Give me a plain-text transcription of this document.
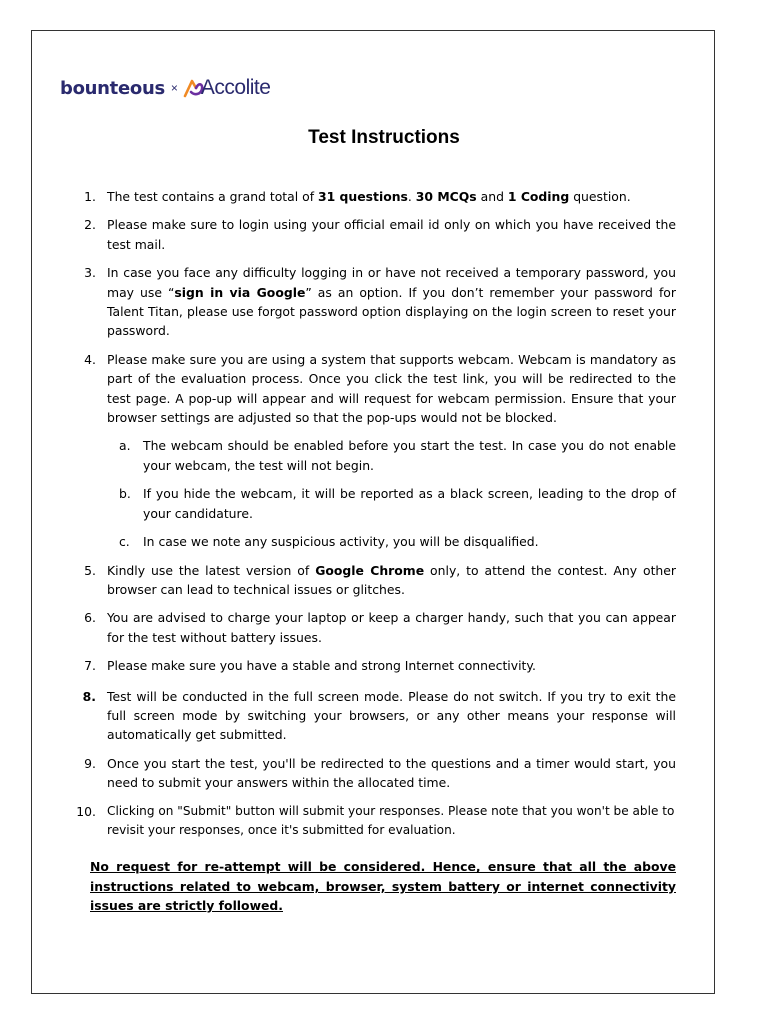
bounteous × Accolite
Test Instructions
1. The test contains a grand total of 31 questions. 30 MCQs and 1 Coding question.
2. Please make sure to login using your official email id only on which you have received the test mail.
3. In case you face any difficulty logging in or have not received a temporary password, you may use “sign in via Google” as an option. If you don’t remember your password for Talent Titan, please use forgot password option displaying on the login screen to reset your password.
4. Please make sure you are using a system that supports webcam. Webcam is mandatory as part of the evaluation process. Once you click the test link, you will be redirected to the test page. A pop-up will appear and will request for webcam permission. Ensure that your browser settings are adjusted so that the pop-ups would not be blocked.
a.	The webcam should be enabled before you start the test. In case you do not enable your webcam, the test will not begin.
b. If you hide the webcam, it will be reported as a black screen, leading to the drop of your candidature.
c.	In case we note any suspicious activity, you will be disqualified.
5. Kindly use the latest version of Google Chrome only, to attend the contest. Any other browser can lead to technical issues or glitches.
6. You are advised to charge your laptop or keep a charger handy, such that you can appear for the test without battery issues.
7. Please make sure you have a stable and strong Internet connectivity.
8. Test will be conducted in the full screen mode. Please do not switch. If you try to exit the full screen mode by switching your browsers, or any other means your response will automatically get submitted.
9. Once you start the test, you'll be redirected to the questions and a timer would start, you need to submit your answers within the allocated time.
10. Clicking on "Submit" button will submit your responses. Please note that you won't be able to revisit your responses, once it's submitted for evaluation.
No request for re-attempt will be considered. Hence, ensure that all the above instructions related to webcam, browser, system battery or internet connectivity issues are strictly followed.
